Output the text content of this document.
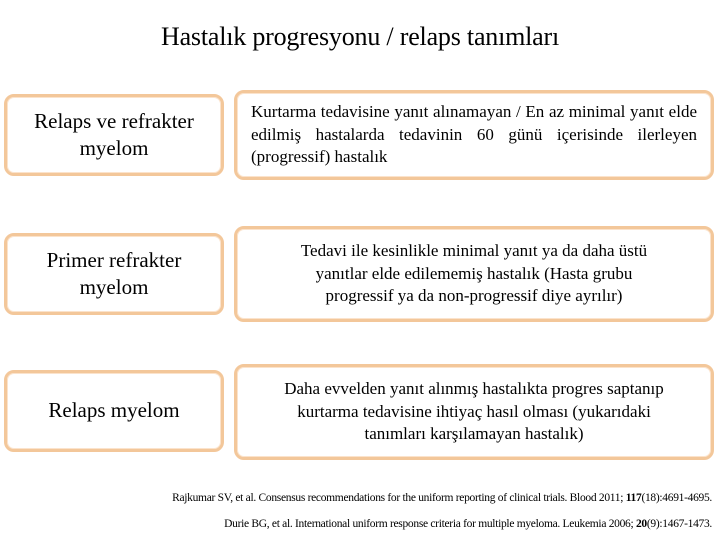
Hastalık progresyonu / relaps tanımları
Relaps ve refrakter myelom
Kurtarma tedavisine yanıt alınamayan / En az minimal yanıt elde edilmiş hastalarda tedavinin 60 günü içerisinde ilerleyen (progressif) hastalık
Primer refrakter myelom
Tedavi ile kesinlikle minimal yanıt ya da daha üstü yanıtlar elde edilememiş hastalık (Hasta grubu progressif ya da non-progressif diye ayrılır)
Relaps myelom
Daha evvelden yanıt alınmış hastalıkta progres saptanıp kurtarma tedavisine ihtiyaç hasıl olması (yukarıdaki tanımları karşılamayan hastalık)
Rajkumar SV, et al. Consensus recommendations for the uniform reporting of clinical trials. Blood 2011; 117(18):4691-4695.
Durie BG, et al. International uniform response criteria for multiple myeloma. Leukemia 2006; 20(9):1467-1473.
